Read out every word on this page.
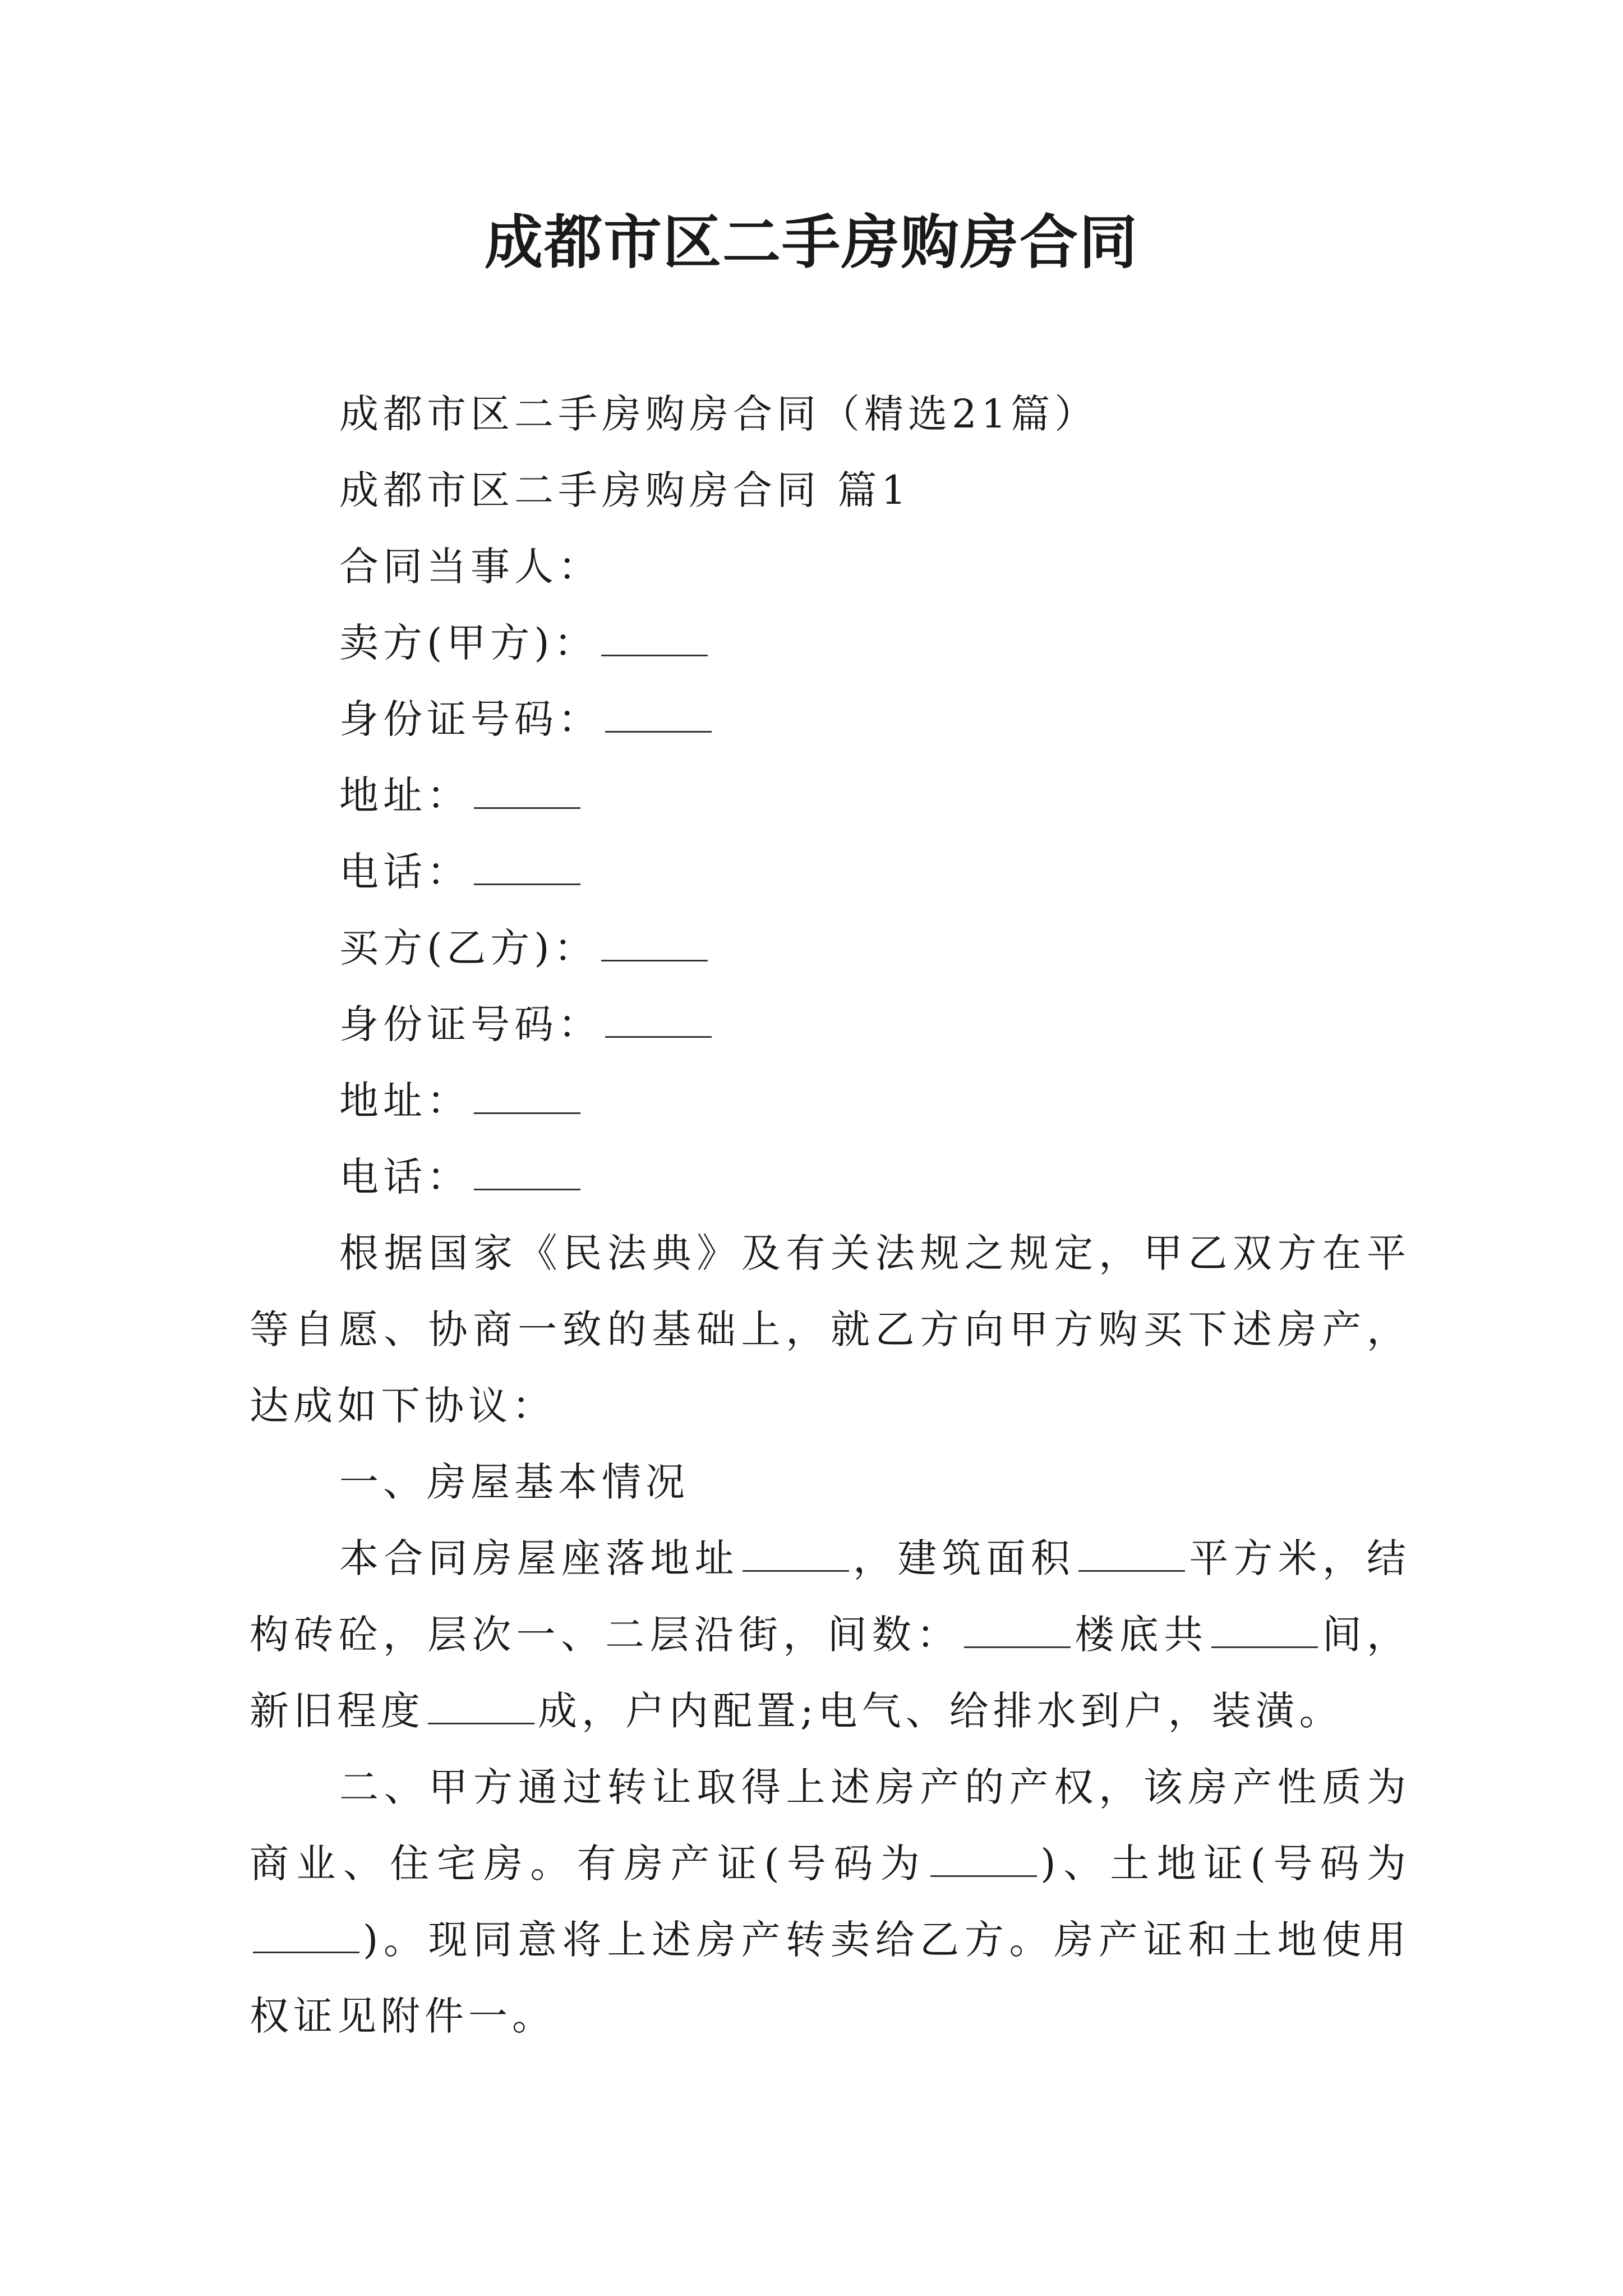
成都市区二手房购房合同

成都市区二手房购房合同（精选21篇）

成都市区二手房购房合同 篇1

合同当事人：

卖方(甲方)：

身份证号码：

地址：

电话：

买方(乙方)：

身份证号码：

地址：

电话：

根据国家《民法典》及有关法规之规定，甲乙双方在平等自愿、协商一致的基础上，就乙方向甲方购买下述房产，达成如下协议：

一、房屋基本情况

本合同房屋座落地址	，建筑面积	平方米，结构砖砼，层次一、二层沿街，间数：	楼底共	间，新旧程度	成，户内配置;电气、给排水到户，装潢。

二、甲方通过转让取得上述房产的产权，该房产性质为商业、住宅房。有房产证(号码为	)、土地证(号码为)。现同意将上述房产转卖给乙方。房产证和土地使用权证见附件一。
